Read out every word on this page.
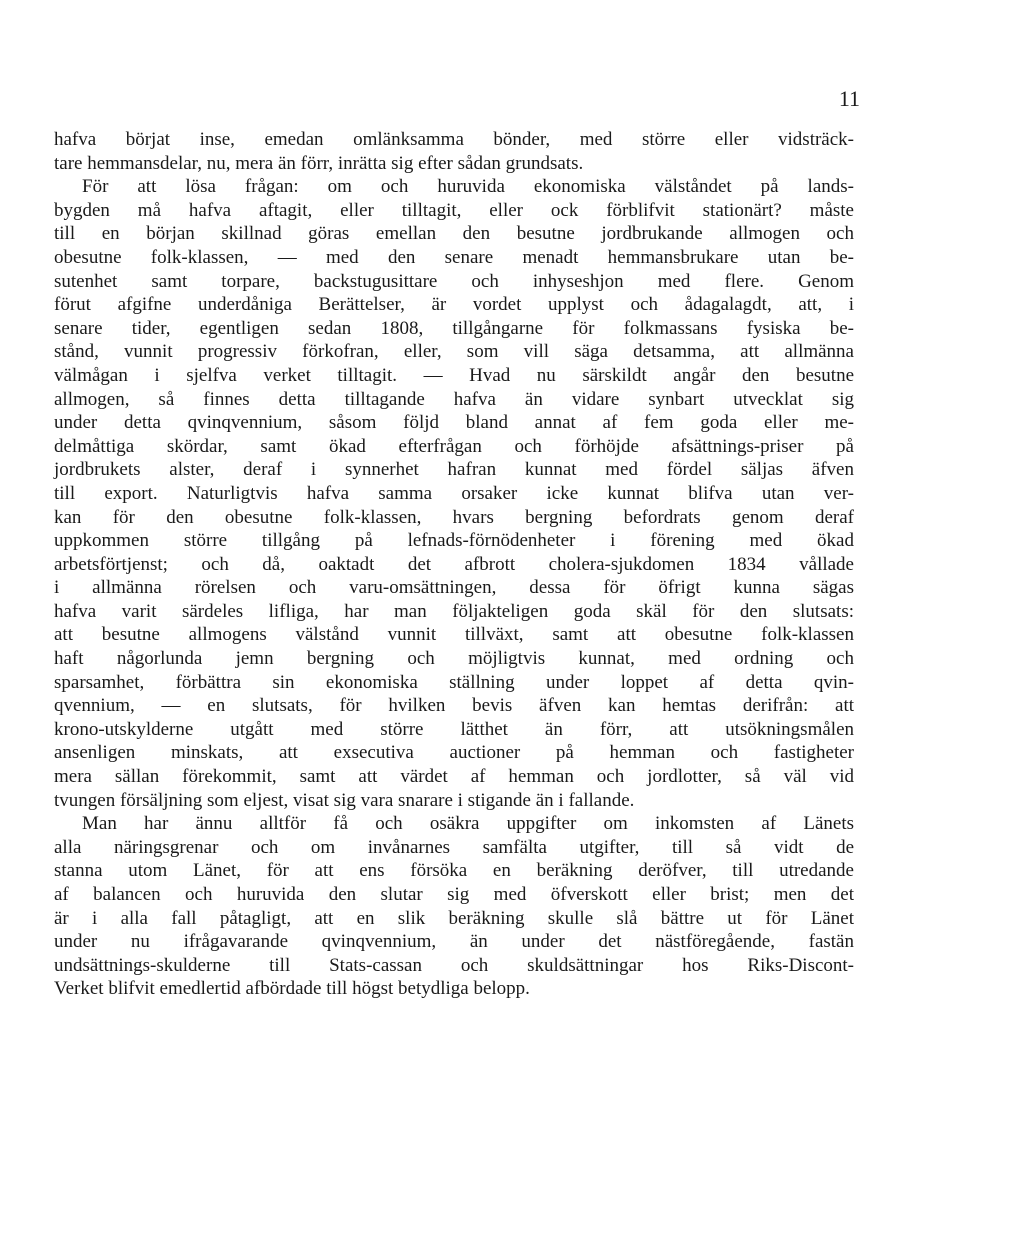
11
hafva börjat inse, emedan omlänksamma bönder, med större eller vidsträck-
tare hemmansdelar, nu, mera än förr, inrätta sig efter sådan grundsats.
För att lösa frågan: om och huruvida ekonomiska välståndet på lands-
bygden må hafva aftagit, eller tilltagit, eller ock förblifvit stationärt? måste
till en början skillnad göras emellan den besutne jordbrukande allmogen och
obesutne folk-klassen, — med den senare menadt hemmansbrukare utan be-
sutenhet samt torpare, backstugusittare och inhyseshjon med flere. Genom
förut afgifne underdåniga Berättelser, är vordet upplyst och ådagalagdt, att, i
senare tider, egentligen sedan 1808, tillgångarne för folkmassans fysiska be-
stånd, vunnit progressiv förkofran, eller, som vill säga detsamma, att allmänna
välmågan i sjelfva verket tilltagit. — Hvad nu särskildt angår den besutne
allmogen, så finnes detta tilltagande hafva än vidare synbart utvecklat sig
under detta qvinqvennium, såsom följd bland annat af fem goda eller me-
delmåttiga skördar, samt ökad efterfrågan och förhöjde afsättnings-priser på
jordbrukets alster, deraf i synnerhet hafran kunnat med fördel säljas äfven
till export. Naturligtvis hafva samma orsaker icke kunnat blifva utan ver-
kan för den obesutne folk-klassen, hvars bergning befordrats genom deraf
uppkommen större tillgång på lefnads-förnödenheter i förening med ökad
arbetsförtjenst; och då, oaktadt det afbrott cholera-sjukdomen 1834 vållade
i allmänna rörelsen och varu-omsättningen, dessa för öfrigt kunna sägas
hafva varit särdeles lifliga, har man följakteligen goda skäl för den slutsats:
att besutne allmogens välstånd vunnit tillväxt, samt att obesutne folk-klassen
haft någorlunda jemn bergning och möjligtvis kunnat, med ordning och
sparsamhet, förbättra sin ekonomiska ställning under loppet af detta qvin-
qvennium, — en slutsats, för hvilken bevis äfven kan hemtas derifrån: att
krono-utskylderne utgått med större lätthet än förr, att utsökningsmålen
ansenligen minskats, att exsecutiva auctioner på hemman och fastigheter
mera sällan förekommit, samt att värdet af hemman och jordlotter, så väl vid
tvungen försäljning som eljest, visat sig vara snarare i stigande än i fallande.
Man har ännu alltför få och osäkra uppgifter om inkomsten af Länets
alla näringsgrenar och om invånarnes samfälta utgifter, till så vidt de
stanna utom Länet, för att ens försöka en beräkning deröfver, till utredande
af balancen och huruvida den slutar sig med öfverskott eller brist; men det
är i alla fall påtagligt, att en slik beräkning skulle slå bättre ut för Länet
under nu ifrågavarande qvinqvennium, än under det nästföregående, fastän
undsättnings-skulderne till Stats-cassan och skuldsättningar hos Riks-Discont-
Verket blifvit emedlertid afbördade till högst betydliga belopp.
